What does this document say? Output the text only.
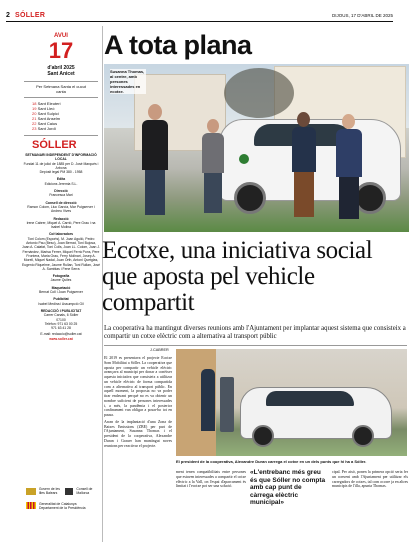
2 SÓLLER	DIJOUS, 17 D'ABRIL DE 2025
AVUI
17
d'abril 2025
Sant Anicet
Per Setmana Santa el cucut
canta
18 Sant Eleuteri
19 Sant Lleó
20 Sant Sulpici
21 Sant Anselm
22 Sant Caius
23 Sant Jordi
SÓLLER
SETMANARI INDEPENDENT D'INFORMACIÓ LOCAL
Fundat 11 de juliol de 1885 per D. José Marqués i Arbona
Depòsit legal PM 380 - 1958
Edita
Edicions Jeremia S.L.
Direcció
Francesca Mari
Consell de direcció
Ramon Colom, Lluc García, Mar Puigserver i Andreu Vives
Redacció
Irene Cabrer, Miquel A. Carrió, Pere Grau i na Isabel Molina
Col·laboradors
Toni Colom (Esports), M. Joan Aguiló, Pedro Antonio Pau (Beso), Joan Bernat, Toni Bujosa, Joan A. Calafat, Toni Colls, Joan LL. Colom, Joan J. Fernández, Marisa Ferrer, Miquel Ferrà Pons, Pere Frontera, Maria Grau, Ferry Molinari, Josep A. Morell, Miquel Nadal, Juan Orth, Antoni Quetglas, Eugenio Riquelme, Jaume Rullan, Toni Rullan, José A. Samblas i Fene Serra
Fotografia
Jaume Quiles
Maquetació
Bernat Coll i Joan Puigserver
Publicitat
Isabel Medina i Assumpció Gil
REDACCIÓ I PUBLICITAT
Carrer Canals, 6 Sóller
07100
Telèfon: 971 63 00 25
971 63 41 28
E-mail: redaccio@soller.cat
www.soller.cat
Govern de les Illes Balears
Consell de Mallorca
Generalitat de Catalunya Departament de la Presidència
A tota plana
Susanna Thomas, al centre, amb persones interessades en ecotxe.
Ecotxe, una iniciativa social que aposta pel vehicle compartit
La cooperativa ha mantingut diverses reunions amb l'Ajuntament per implantar aquest sistema que consisteix a compartir un cotxe elèctric com a alternativa al transport públic
J.CABRER
El 2019 es presentava el projecte Ecotxe Som Mobilitat a Sóller. La cooperativa que aposta per compartir un vehicle elèctric avançava al municipi per donar a conèixer aquesta iniciativa que consisteix a utilitzar un vehicle elèctric de forma compartida com a alternativa al transport públic. En aquell moment, la proposta no va poder tirar endavant perquè no es va obtenir un nombre suficient de persones interessades i, a més, la pandèmia i el posterior confinament van obligar a posar-ho tot en pausa.
Arran de la implantació d'una Zona de Baixes Emissions (ZBE) per part de l'Ajuntament, Susanna Thomas i el president de la cooperativa, Alexandre Duran i Grauer han mantingut noves reunions per reactivar el projecte.
El president de la cooperativa, Alexandre Duran carrega el cotxe en un dels punts que hi ha a Sóller.
ment tenen compatibilitats entre persones que estaven interessades a compartir el cotxe elèctric a la Vall, on l'espai d'aparcament és limitat i l'ecotxe pot ser una solució.
«L'entrebanc més greu és que Sóller no compta amb cap punt de càrrega elèctric municipal»
cipal. Per això, ponen la primera opció seria fer un conveni amb l'Ajuntament per utilitzar els carregadors de cotxes, tal com ocorre ja en altres municipis de l'illa, apunta Thomas.
